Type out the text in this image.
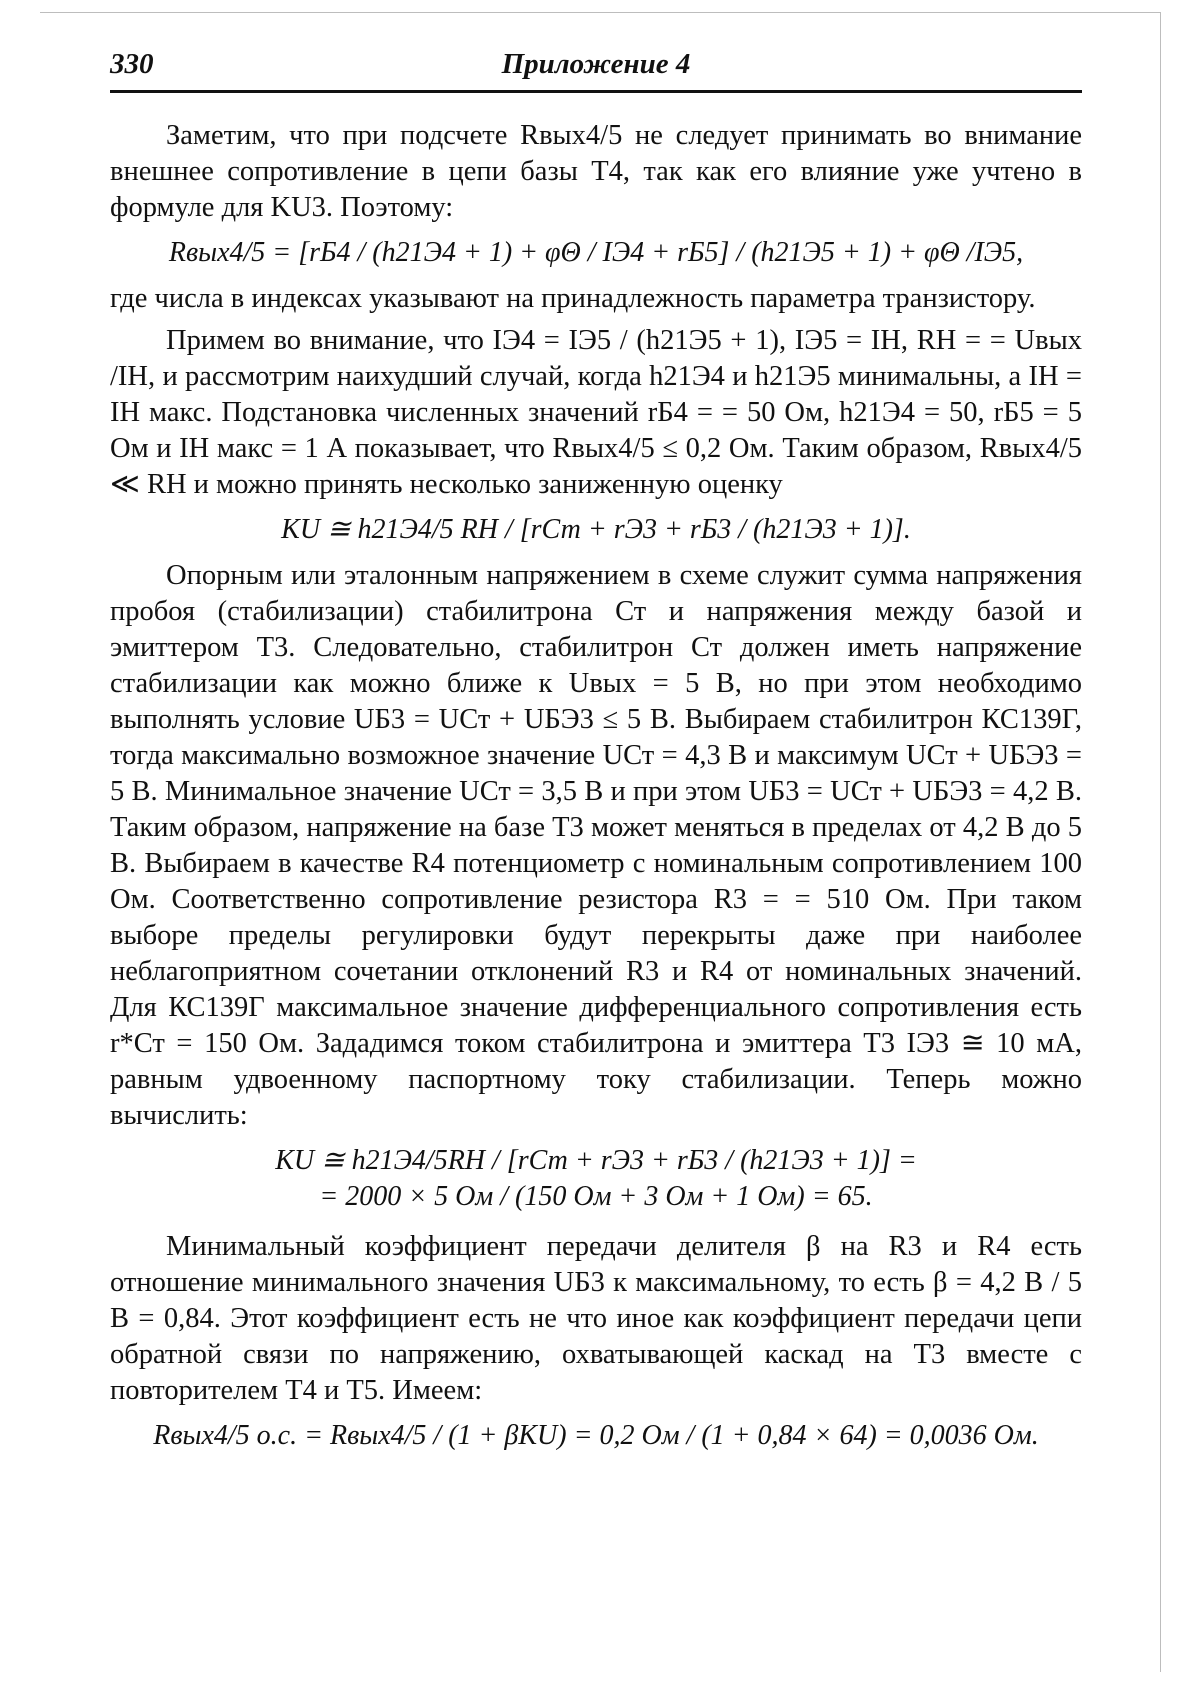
330	Приложение 4

Заметим, что при подсчете Rвых4/5 не следует принимать во внимание внешнее сопротивление в цепи базы T4, так как его влияние уже учтено в формуле для KU3. Поэтому:

Rвых4/5 = [rБ4 / (h21Э4 + 1) + φΘ / IЭ4 + rБ5] / (h21Э5 + 1) + φΘ /IЭ5,

где числа в индексах указывают на принадлежность параметра транзистору.

Примем во внимание, что IЭ4 = IЭ5 / (h21Э5 + 1), IЭ5 = IН, RН = = Uвых /IН, и рассмотрим наихудший случай, когда h21Э4 и h21Э5 минимальны, а IН = IН макс. Подстановка численных значений rБ4 = = 50 Ом, h21Э4 = 50, rБ5 = 5 Ом и IН макс = 1 А показывает, что Rвых4/5 ≤ 0,2 Ом. Таким образом, Rвых4/5 ≪ RН и можно принять несколько заниженную оценку

KU ≅ h21Э4/5 RН / [rСт + rЭ3 + rБ3 / (h21Э3 + 1)].

Опорным или эталонным напряжением в схеме служит сумма напряжения пробоя (стабилизации) стабилитрона Ст и напряжения между базой и эмиттером T3. Следовательно, стабилитрон Ст должен иметь напряжение стабилизации как можно ближе к Uвых = 5 В, но при этом необходимо выполнять условие UБ3 = UСт + UБЭ3 ≤ 5 В. Выбираем стабилитрон КС139Г, тогда максимально возможное значение UСт = 4,3 В и максимум UСт + UБЭ3 = 5 В. Минимальное значение UСт = 3,5 В и при этом UБ3 = UСт + UБЭ3 = 4,2 В. Таким образом, напряжение на базе T3 может меняться в пределах от 4,2 В до 5 В. Выбираем в качестве R4 потенциометр с номинальным сопротивлением 100 Ом. Соответственно сопротивление резистора R3 = = 510 Ом. При таком выборе пределы регулировки будут перекрыты даже при наиболее неблагоприятном сочетании отклонений R3 и R4 от номинальных значений. Для КС139Г максимальное значение дифференциального сопротивления есть r*Ст = 150 Ом. Зададимся током стабилитрона и эмиттера T3 IЭ3 ≅ 10 мА, равным удвоенному паспортному току стабилизации. Теперь можно вычислить:

KU ≅ h21Э4/5RН / [rСт + rЭ3 + rБ3 / (h21Э3 + 1)] =
= 2000 × 5 Ом / (150 Ом + 3 Ом + 1 Ом) = 65.

Минимальный коэффициент передачи делителя β на R3 и R4 есть отношение минимального значения UБ3 к максимальному, то есть β = 4,2 В / 5 В = 0,84. Этот коэффициент есть не что иное как коэффициент передачи цепи обратной связи по напряжению, охватывающей каскад на T3 вместе с повторителем T4 и T5. Имеем:

Rвых4/5 о.с. = Rвых4/5 / (1 + βKU) = 0,2 Ом / (1 + 0,84 × 64) = 0,0036 Ом.
